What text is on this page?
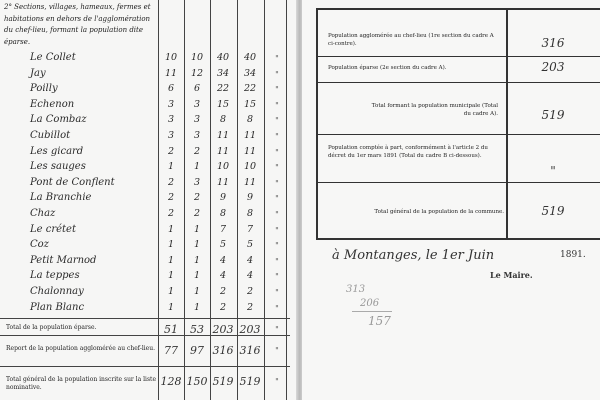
2° Sections, villages, hameaux, fermes et habitations en dehors de l'agglomération du chef-lieu, formant la population dite éparse.
Le Collet	10	10	40	40	"
Jay	11	12	34	34	"
Poilly	6	6	22	22	"
Echenon	3	3	15	15	"
La Combaz	3	3	8	8	"
Cubillot	3	3	11	11	"
Les gicard	2	2	11	11	"
Les sauges	1	1	10	10	"
Pont de Conflent	2	3	11	11	"
La Branchie	2	2	9	9	"
Chaz	2	2	8	8	"
Le crétet	1	1	7	7	"
Coz	1	1	5	5	"
Petit Marnod	1	1	4	4	"
La teppes	1	1	4	4	"
Chalonnay	1	1	2	2	"
Plan Blanc	1	1	2	2	"
Total de la population éparse.	51	53 203 203	"
Report de la population agglomérée au chef-lieu. 77	97 316 316	"
Total général de la population inscrite sur la liste nominative.	128 150 519 519	"
Population agglomérée au chef-lieu (1re section du cadre A ci-contre).	316
Population éparse (2e section du cadre A).	203
Total formant la population municipale (Total du cadre A).	519
Population comptée à part, conformément à l'article 2 du décret du 1er mars 1891 (Total du cadre B ci-dessous).
"
Total général de la population de la commune.	519
à Montanges, le 1er Juin	1891.
Le Maire.
313
206
157
